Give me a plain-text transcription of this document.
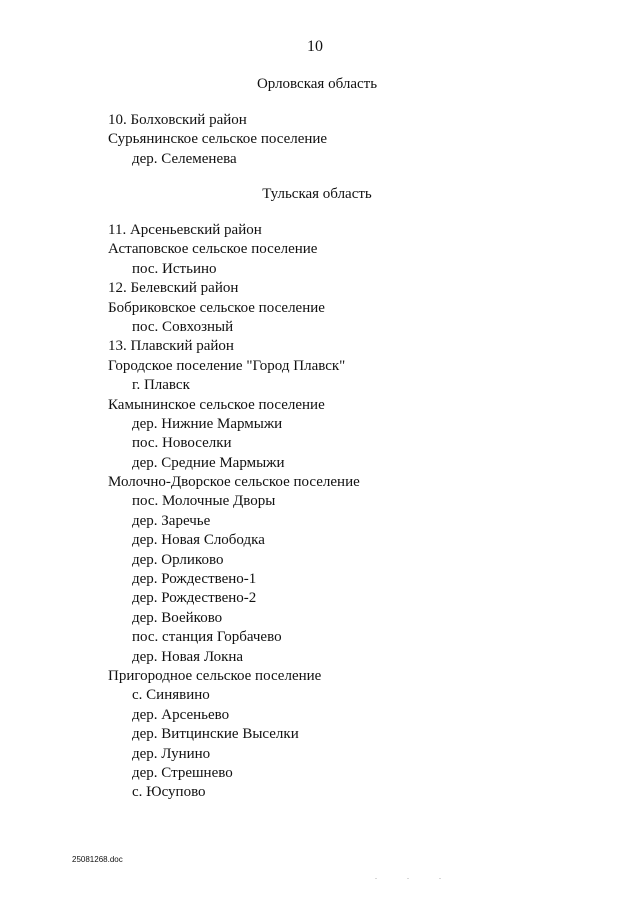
10
Орловская область
10. Болховский район
Сурьянинское сельское поселение
дер. Селеменева
Тульская область
11. Арсеньевский район
Астаповское сельское поселение
пос. Истьино
12. Белевский район
Бобриковское сельское поселение
пос. Совхозный
13. Плавский район
Городское поселение "Город Плавск"
г. Плавск
Камынинское сельское поселение
дер. Нижние Мармыжи
пос. Новоселки
дер. Средние Мармыжи
Молочно-Дворское сельское поселение
пос. Молочные Дворы
дер. Заречье
дер. Новая Слободка
дер. Орликово
дер. Рождествено-1
дер. Рождествено-2
дер. Воейково
пос. станция Горбачево
дер. Новая Локна
Пригородное сельское поселение
с. Синявино
дер. Арсеньево
дер. Витцинские Выселки
дер. Лунино
дер. Стрешнево
с. Юсупово
25081268.doc
. . .
